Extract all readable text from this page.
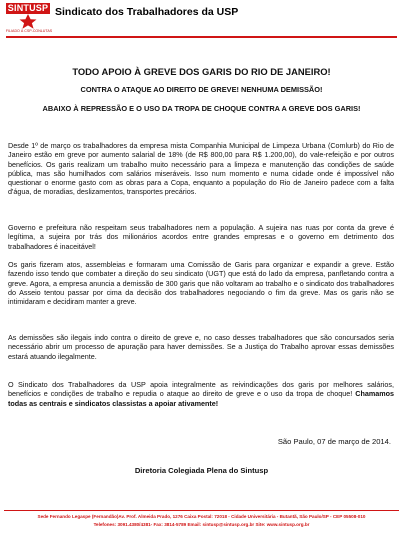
SINTUSP
FILIADO À CSP-CONLUTAS
Sindicato dos Trabalhadores da USP
TODO APOIO À GREVE DOS GARIS DO RIO DE JANEIRO!
CONTRA O ATAQUE AO DIREITO DE GREVE! NENHUMA DEMISSÃO!
ABAIXO À REPRESSÃO E O USO DA TROPA DE CHOQUE CONTRA A GREVE DOS GARIS!
Desde 1º de março os trabalhadores da empresa mista Companhia Municipal de Limpeza Urbana (Comlurb) do Rio de Janeiro estão em greve por aumento salarial de 18% (de R$ 800,00 para R$ 1.200,00), do vale-refeição e por outros benefícios. Os garis realizam um trabalho muito necessário para a limpeza e manutenção das condições de saúde pública, mas são humilhados com salários miseráveis. Isso num momento e numa cidade onde é impossível não questionar o enorme gasto com as obras para a Copa, enquanto a população do Rio de Janeiro padece com a falta d'água, de moradias, deslizamentos, transportes precários.
Governo e prefeitura não respeitam seus trabalhadores nem a população. A sujeira nas ruas por conta da greve é legítima, a sujeira por trás dos milionários acordos entre grandes empresas e o governo em detrimento dos trabalhadores é inaceitável!
Os garis fizeram atos, assembleias e formaram uma Comissão de Garis para organizar e expandir a greve. Estão fazendo isso tendo que combater a direção do seu sindicato (UGT) que está do lado da empresa, panfletando contra a greve. Agora, a empresa anuncia a demissão de 300 garis que não voltaram ao trabalho e o sindicato dos trabalhadores do Asseio tentou passar por cima da decisão dos trabalhadores negociando o fim da greve. Mas os garis não se intimidaram e decidiram manter a greve.
As demissões são ilegais indo contra o direito de greve e, no caso desses trabalhadores que são concursados seria necessário abrir um processo de apuração para haver demissões. Se a Justiça do Trabalho aprovar essas demissões estará atuando ilegalmente.
O Sindicato dos Trabalhadores da USP apoia integralmente as reivindicações dos garis por melhores salários, benefícios e condições de trabalho e repudia o ataque ao direito de greve e o uso da tropa de choque! Chamamos todas as centrais e sindicatos classistas a apoiar ativamente!
São Paulo, 07 de março de 2014.
Diretoria Colegiada Plena do Sintusp
Sede Fernando Legaspe (Fernandão)Av. Prof. Almeida Prado, 1276 Caixa Postal: 72018 - Cidade Universitária - Butantã, São Paulo/SP - CEP 05508-010
Telefones: 3091.4380/4381- Fax: 3814-5789 Email: sintusp@sintusp.org.br Site: www.sintusp.org.br
